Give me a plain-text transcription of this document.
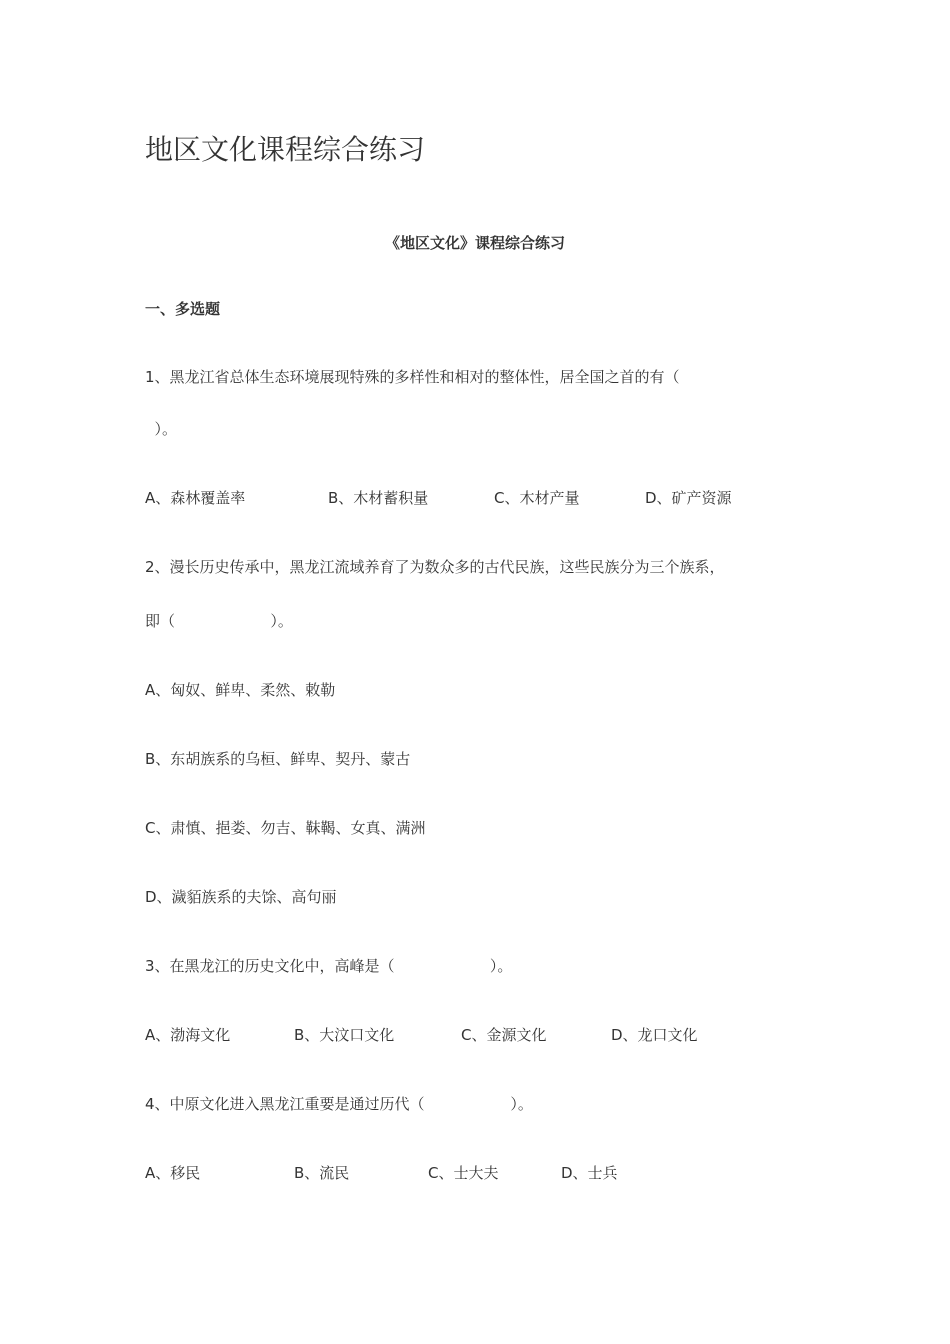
地区文化课程综合练习
《地区文化》课程综合练习
一、多选题
1、黑龙江省总体生态环境展现特殊的多样性和相对的整体性，居全国之首的有（
）。
A、森林覆盖率	B、木材蓄积量	C、木材产量	D、矿产资源
2、漫长历史传承中，黑龙江流域养育了为数众多的古代民族，这些民族分为三个族系，
即（                    ）。
A、匈奴、鲜卑、柔然、敕勒
B、东胡族系的乌桓、鲜卑、契丹、蒙古
C、肃慎、挹娄、勿吉、靺鞨、女真、满洲
D、濊貊族系的夫馀、高句丽
3、在黑龙江的历史文化中，高峰是（                    ）。
A、渤海文化	B、大汶口文化	C、金源文化	D、龙口文化
4、中原文化进入黑龙江重要是通过历代（                  ）。
A、移民	B、流民	C、士大夫	D、士兵
